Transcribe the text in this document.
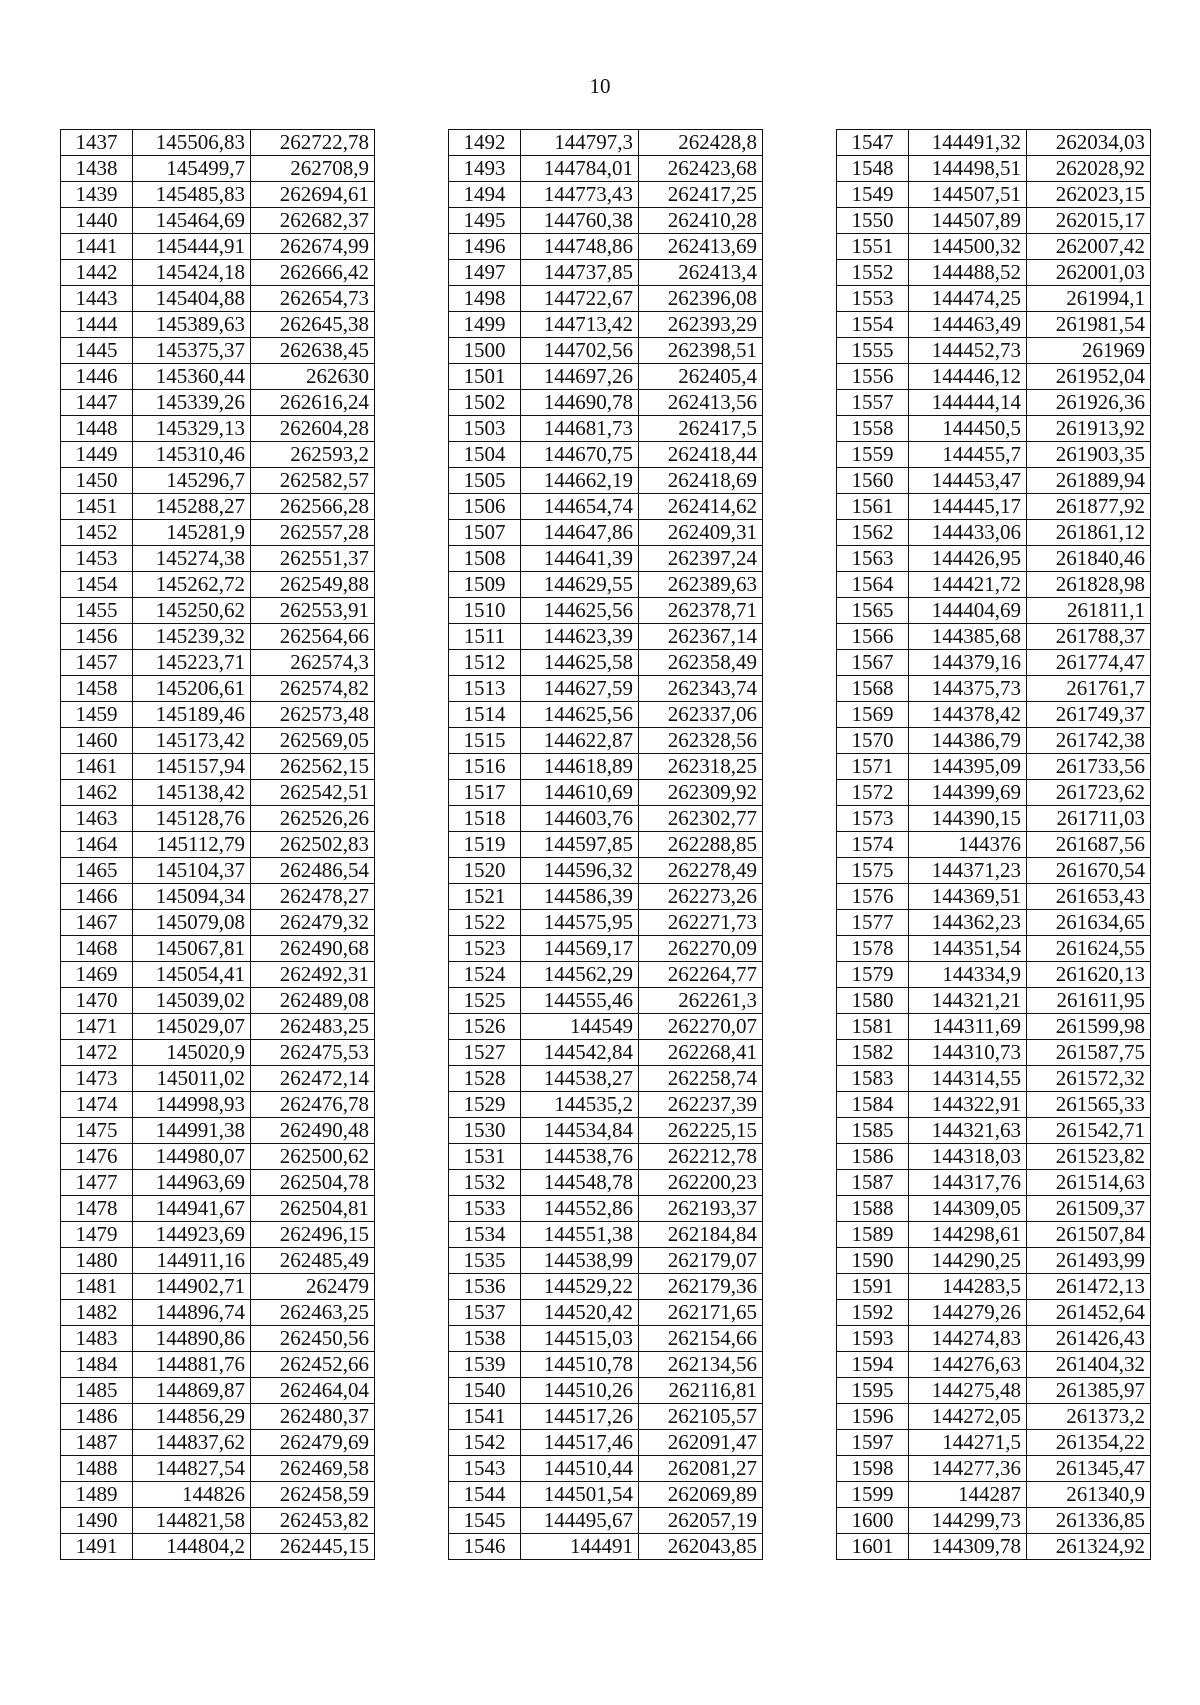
10
1437	145506,83	262722,78
1438	145499,7	262708,9
1439	145485,83	262694,61
1440	145464,69	262682,37
1441	145444,91	262674,99
1442	145424,18	262666,42
1443	145404,88	262654,73
1444	145389,63	262645,38
1445	145375,37	262638,45
1446	145360,44	262630
1447	145339,26	262616,24
1448	145329,13	262604,28
1449	145310,46	262593,2
1450	145296,7	262582,57
1451	145288,27	262566,28
1452	145281,9	262557,28
1453	145274,38	262551,37
1454	145262,72	262549,88
1455	145250,62	262553,91
1456	145239,32	262564,66
1457	145223,71	262574,3
1458	145206,61	262574,82
1459	145189,46	262573,48
1460	145173,42	262569,05
1461	145157,94	262562,15
1462	145138,42	262542,51
1463	145128,76	262526,26
1464	145112,79	262502,83
1465	145104,37	262486,54
1466	145094,34	262478,27
1467	145079,08	262479,32
1468	145067,81	262490,68
1469	145054,41	262492,31
1470	145039,02	262489,08
1471	145029,07	262483,25
1472	145020,9	262475,53
1473	145011,02	262472,14
1474	144998,93	262476,78
1475	144991,38	262490,48
1476	144980,07	262500,62
1477	144963,69	262504,78
1478	144941,67	262504,81
1479	144923,69	262496,15
1480	144911,16	262485,49
1481	144902,71	262479
1482	144896,74	262463,25
1483	144890,86	262450,56
1484	144881,76	262452,66
1485	144869,87	262464,04
1486	144856,29	262480,37
1487	144837,62	262479,69
1488	144827,54	262469,58
1489	144826	262458,59
1490	144821,58	262453,82
1491	144804,2	262445,15
1492	144797,3	262428,8
1493	144784,01	262423,68
1494	144773,43	262417,25
1495	144760,38	262410,28
1496	144748,86	262413,69
1497	144737,85	262413,4
1498	144722,67	262396,08
1499	144713,42	262393,29
1500	144702,56	262398,51
1501	144697,26	262405,4
1502	144690,78	262413,56
1503	144681,73	262417,5
1504	144670,75	262418,44
1505	144662,19	262418,69
1506	144654,74	262414,62
1507	144647,86	262409,31
1508	144641,39	262397,24
1509	144629,55	262389,63
1510	144625,56	262378,71
1511	144623,39	262367,14
1512	144625,58	262358,49
1513	144627,59	262343,74
1514	144625,56	262337,06
1515	144622,87	262328,56
1516	144618,89	262318,25
1517	144610,69	262309,92
1518	144603,76	262302,77
1519	144597,85	262288,85
1520	144596,32	262278,49
1521	144586,39	262273,26
1522	144575,95	262271,73
1523	144569,17	262270,09
1524	144562,29	262264,77
1525	144555,46	262261,3
1526	144549	262270,07
1527	144542,84	262268,41
1528	144538,27	262258,74
1529	144535,2	262237,39
1530	144534,84	262225,15
1531	144538,76	262212,78
1532	144548,78	262200,23
1533	144552,86	262193,37
1534	144551,38	262184,84
1535	144538,99	262179,07
1536	144529,22	262179,36
1537	144520,42	262171,65
1538	144515,03	262154,66
1539	144510,78	262134,56
1540	144510,26	262116,81
1541	144517,26	262105,57
1542	144517,46	262091,47
1543	144510,44	262081,27
1544	144501,54	262069,89
1545	144495,67	262057,19
1546	144491	262043,85
1547	144491,32	262034,03
1548	144498,51	262028,92
1549	144507,51	262023,15
1550	144507,89	262015,17
1551	144500,32	262007,42
1552	144488,52	262001,03
1553	144474,25	261994,1
1554	144463,49	261981,54
1555	144452,73	261969
1556	144446,12	261952,04
1557	144444,14	261926,36
1558	144450,5	261913,92
1559	144455,7	261903,35
1560	144453,47	261889,94
1561	144445,17	261877,92
1562	144433,06	261861,12
1563	144426,95	261840,46
1564	144421,72	261828,98
1565	144404,69	261811,1
1566	144385,68	261788,37
1567	144379,16	261774,47
1568	144375,73	261761,7
1569	144378,42	261749,37
1570	144386,79	261742,38
1571	144395,09	261733,56
1572	144399,69	261723,62
1573	144390,15	261711,03
1574	144376	261687,56
1575	144371,23	261670,54
1576	144369,51	261653,43
1577	144362,23	261634,65
1578	144351,54	261624,55
1579	144334,9	261620,13
1580	144321,21	261611,95
1581	144311,69	261599,98
1582	144310,73	261587,75
1583	144314,55	261572,32
1584	144322,91	261565,33
1585	144321,63	261542,71
1586	144318,03	261523,82
1587	144317,76	261514,63
1588	144309,05	261509,37
1589	144298,61	261507,84
1590	144290,25	261493,99
1591	144283,5	261472,13
1592	144279,26	261452,64
1593	144274,83	261426,43
1594	144276,63	261404,32
1595	144275,48	261385,97
1596	144272,05	261373,2
1597	144271,5	261354,22
1598	144277,36	261345,47
1599	144287	261340,9
1600	144299,73	261336,85
1601	144309,78	261324,92
